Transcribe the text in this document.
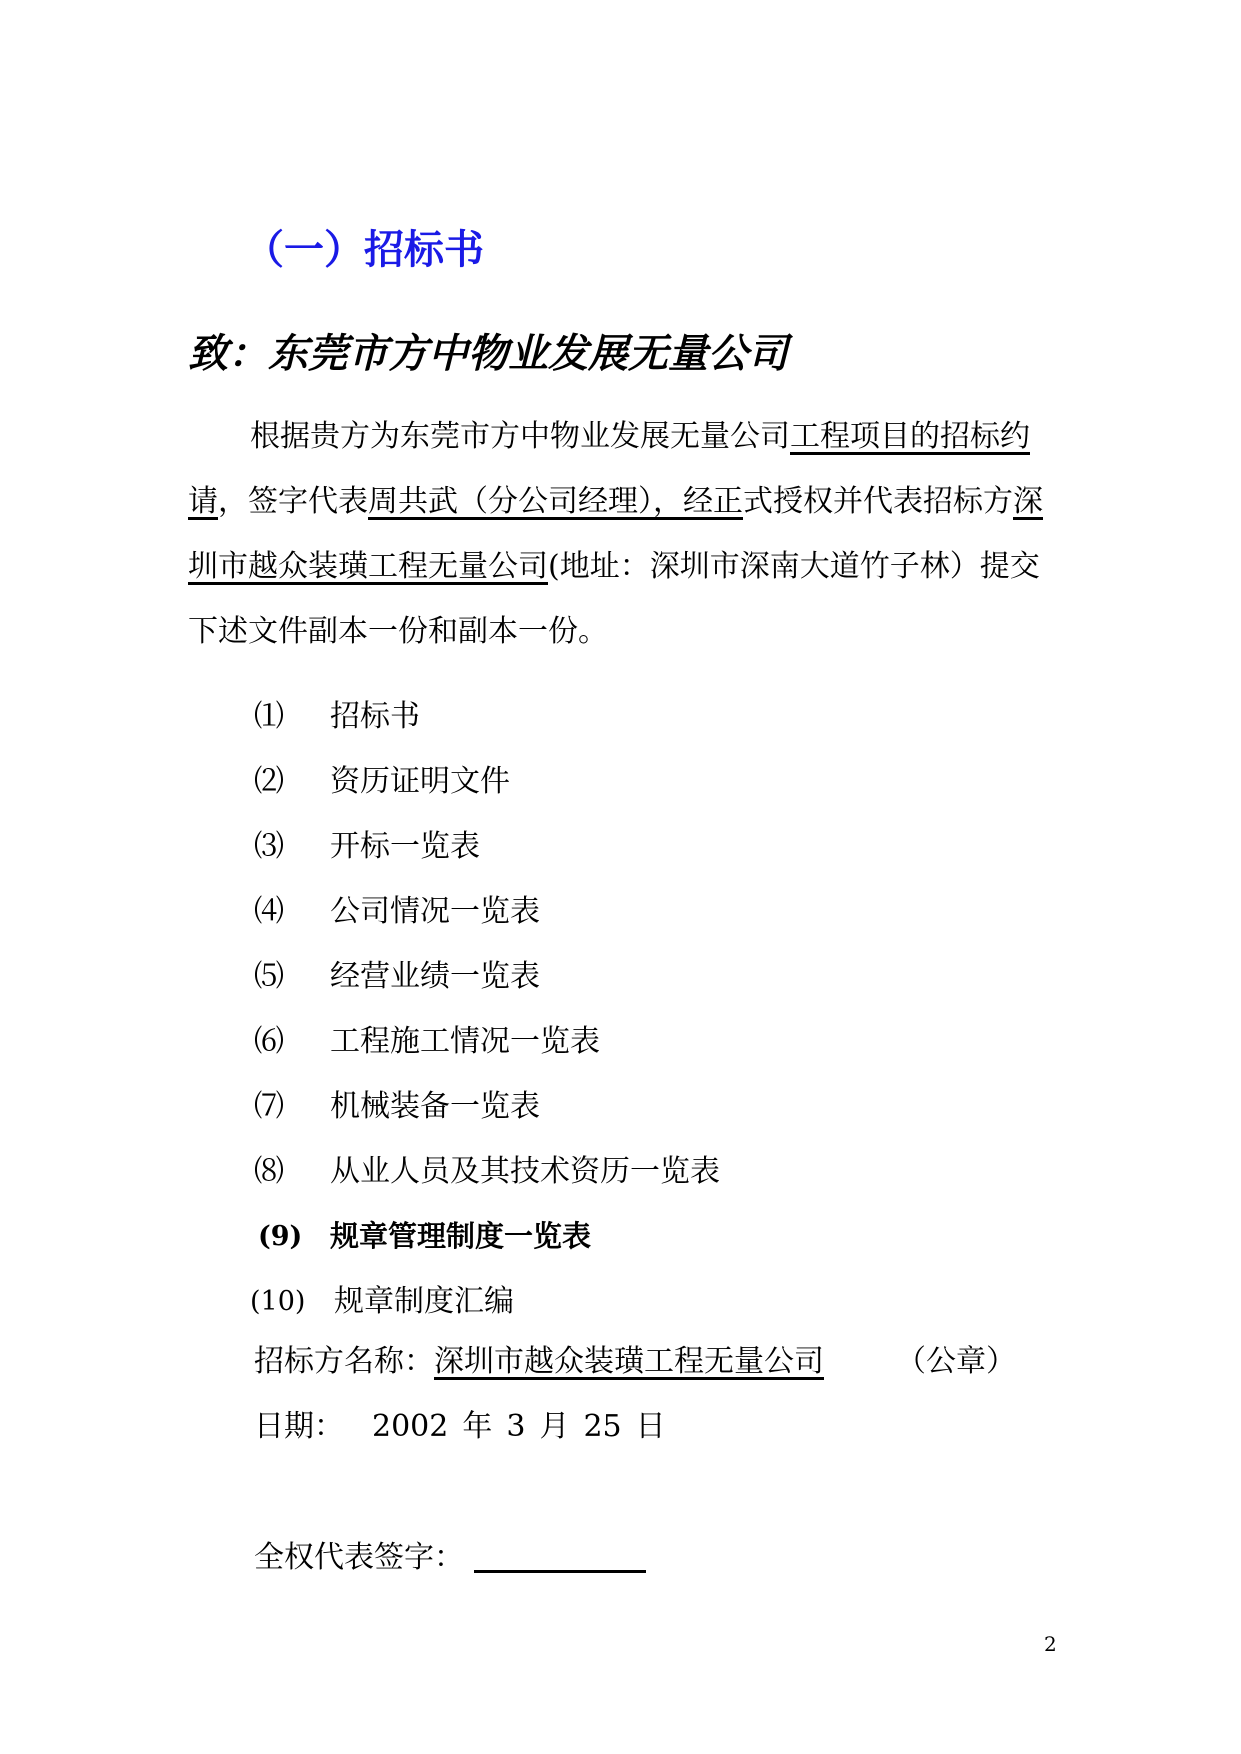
（一）招标书
致：东莞市方中物业发展无量公司
根据贵方为东莞市方中物业发展无量公司工程项目的招标约请，签字代表周共武（分公司经理），经正式授权并代表招标方深圳市越众装璜工程无量公司(地址：深圳市深南大道竹子林）提交下述文件副本一份和副本一份。
⑴ 招标书
⑵ 资历证明文件
⑶ 开标一览表
⑷ 公司情况一览表
⑸ 经营业绩一览表
⑹ 工程施工情况一览表
⑺ 机械装备一览表
⑻ 从业人员及其技术资历一览表
(9) 规章管理制度一览表
(10) 规章制度汇编
招标方名称：深圳市越众装璜工程无量公司 （公章）
日期： 2002 年 3 月 25 日
全权代表签字：
2
